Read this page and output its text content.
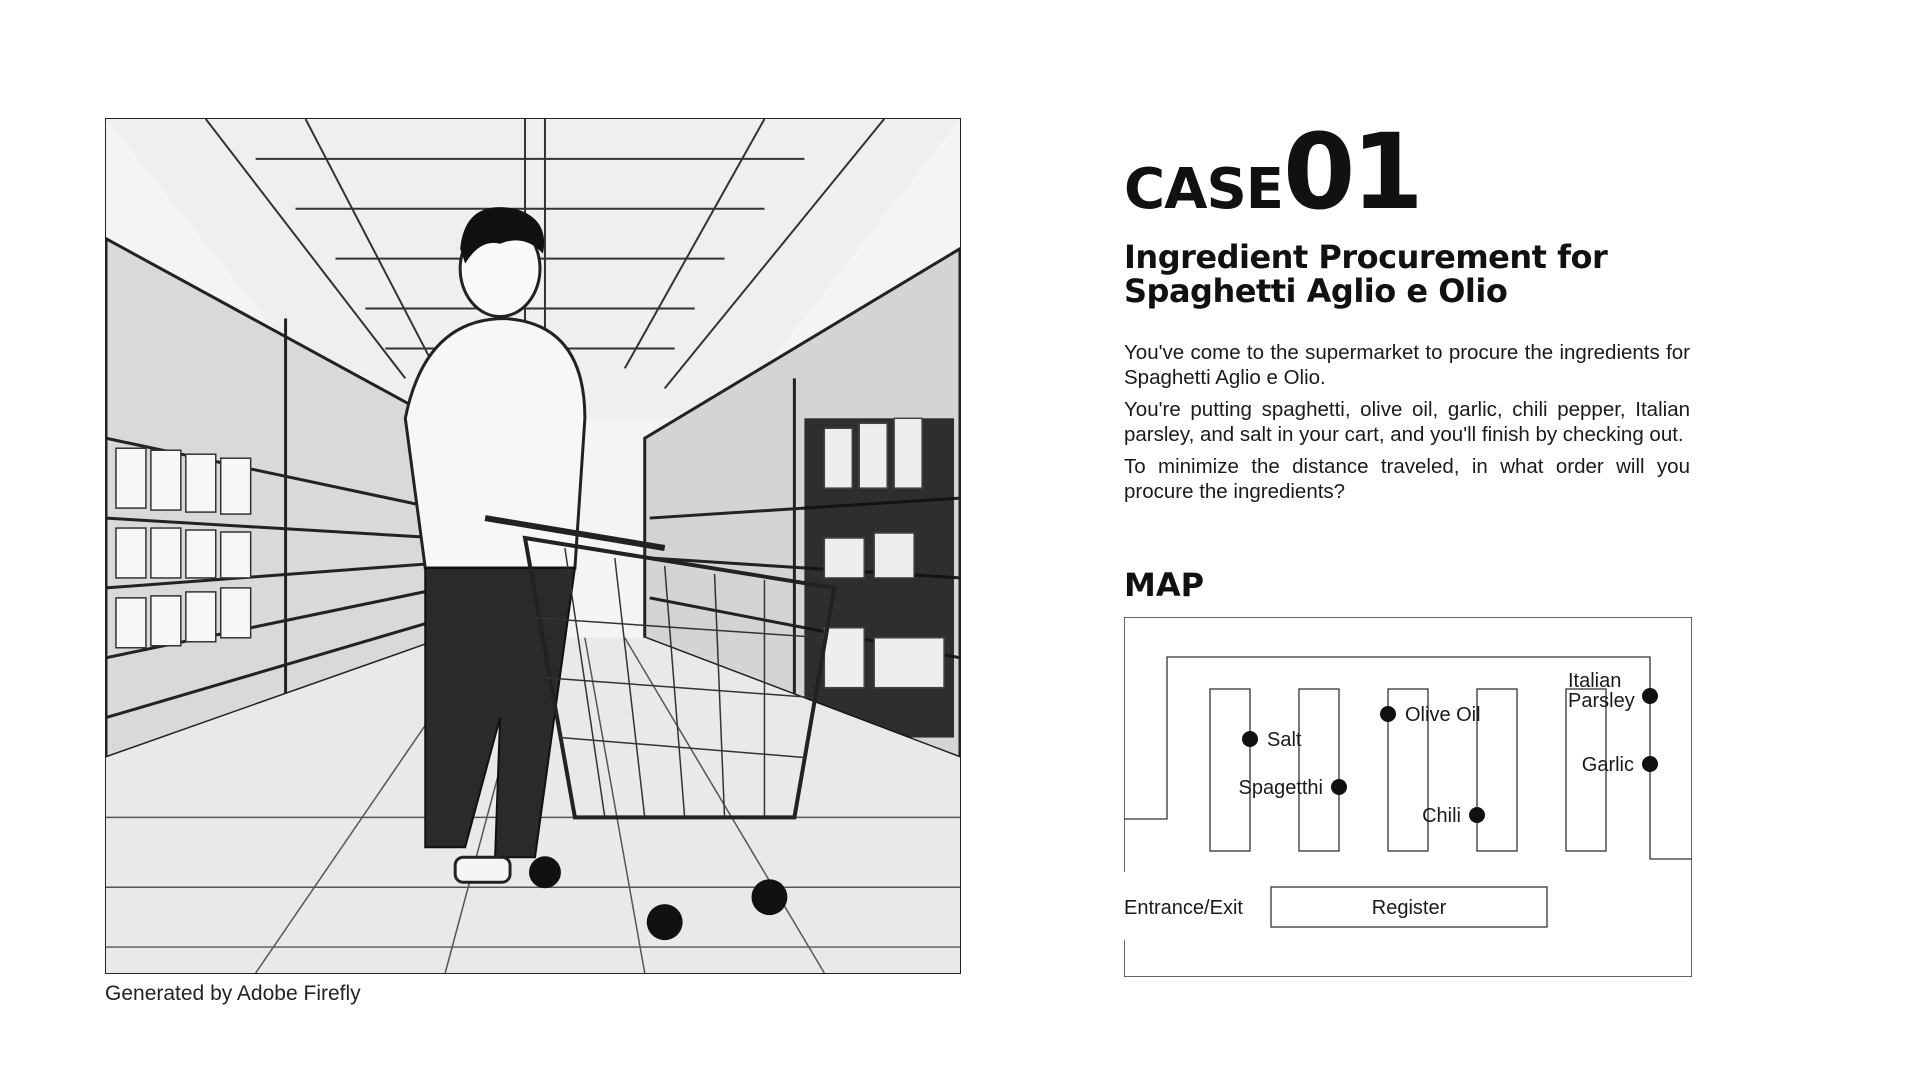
Generated by Adobe Firefly
CASE01
Ingredient Procurement for
Spaghetti Aglio e Olio

You've come to the supermarket to procure the ingredients for Spaghetti Aglio e Olio.

You're putting spaghetti, olive oil, garlic, chili pepper, Italian parsley, and salt in your cart, and you'll finish by checking out.

To minimize the distance traveled, in what order will you procure the ingredients?

MAP
Register
Entrance/Exit
Salt
Spagetthi
Olive Oil
Chili
Italian
Parsley
Garlic
